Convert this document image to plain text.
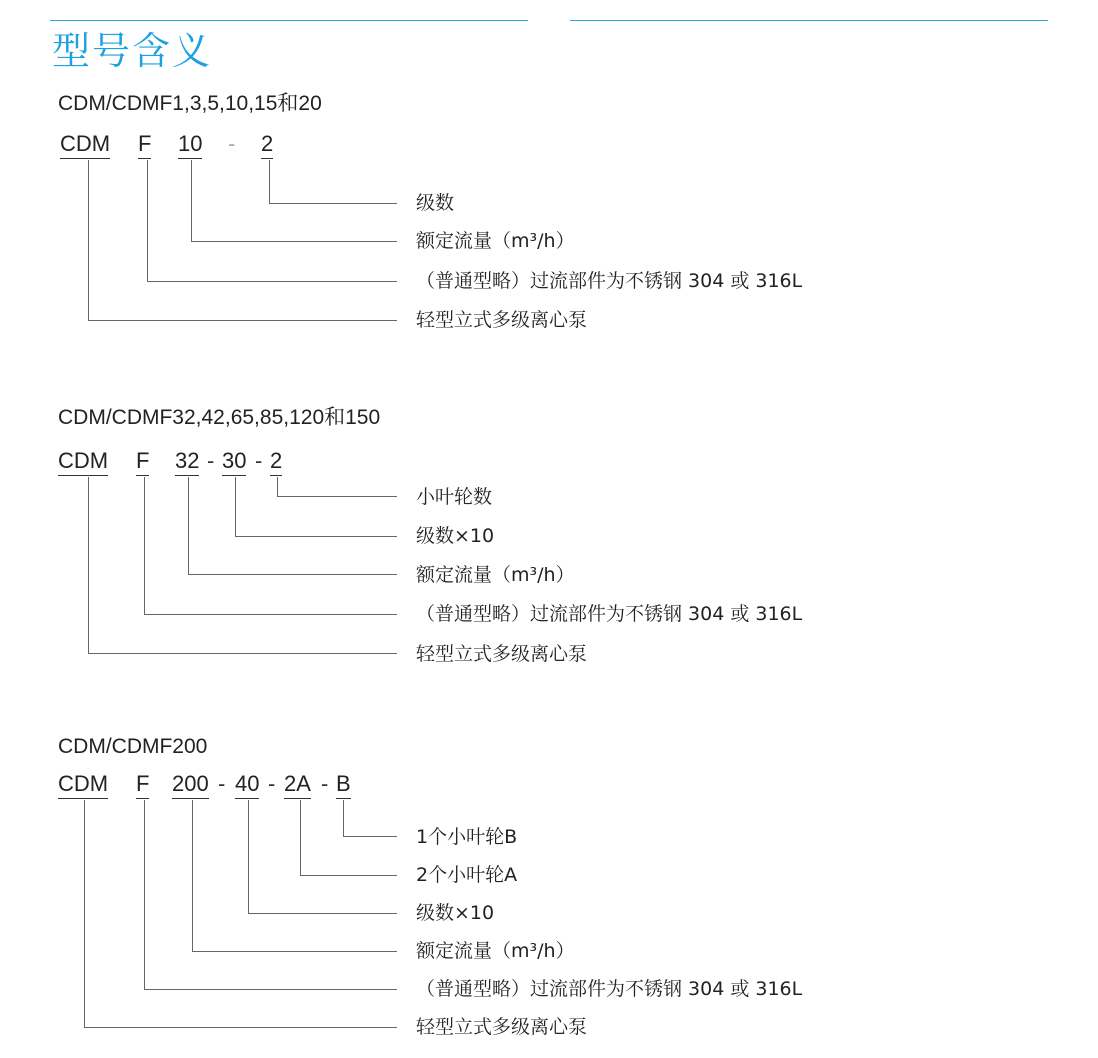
型号含义
CDM/CDMF1,3,5,10,15和20
CDM F 10 - 2
级数
额定流量（m³/h）
（普通型略）过流部件为不锈钢 304 或 316L
轻型立式多级离心泵
CDM/CDMF32,42,65,85,120和150
CDM F 32 - 30 - 2
小叶轮数
级数×10
额定流量（m³/h）
（普通型略）过流部件为不锈钢 304 或 316L
轻型立式多级离心泵
CDM/CDMF200
CDM F 200 - 40 - 2A - B
1个小叶轮B
2个小叶轮A
级数×10
额定流量（m³/h）
（普通型略）过流部件为不锈钢 304 或 316L
轻型立式多级离心泵
